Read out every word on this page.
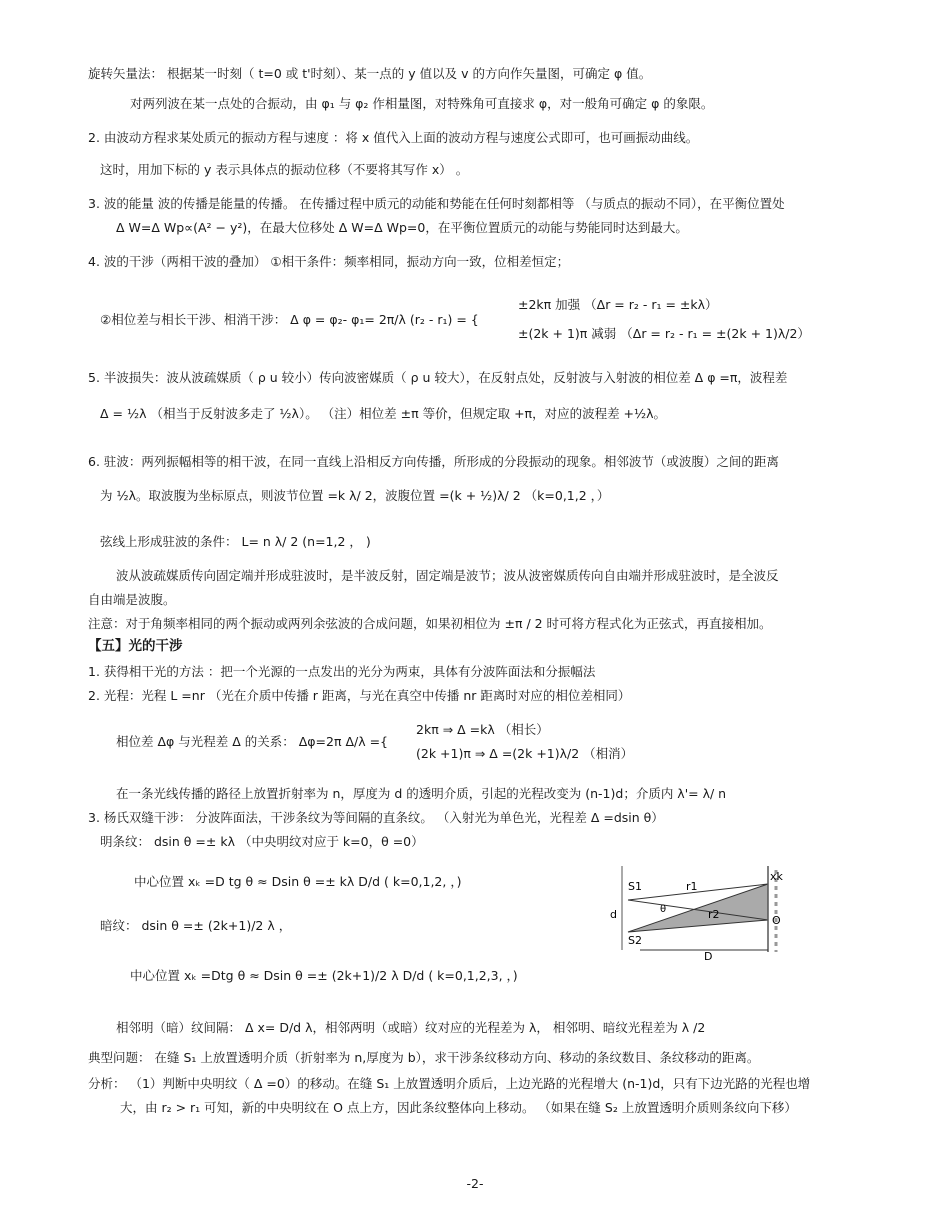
旋转矢量法： 根据某一时刻（ t=0 或 t'时刻）、某一点的 y 值以及 v 的方向作矢量图，可确定 φ 值。
对两列波在某一点处的合振动，由 φ₁ 与 φ₂ 作相量图，对特殊角可直接求 φ，对一般角可确定 φ 的象限。
2. 由波动方程求某处质元的振动方程与速度 ：将 x 值代入上面的波动方程与速度公式即可，也可画振动曲线。
这时，用加下标的 y 表示具体点的振动位移（不要将其写作 x） 。
3. 波的能量 波的传播是能量的传播。 在传播过程中质元的动能和势能在任何时刻都相等 （与质点的振动不同），在平衡位置处
Δ W=Δ Wp∝(A² − y²)，在最大位移处 Δ W=Δ Wp=0，在平衡位置质元的动能与势能同时达到最大。
4. 波的干涉（两相干波的叠加） ①相干条件：频率相同，振动方向一致，位相差恒定；
②相位差与相长干涉、相消干涉： Δ φ = φ₂- φ₁= 2π/λ (r₂ - r₁) = {
±2kπ 加强 （Δr = r₂ - r₁ = ±kλ）
±(2k + 1)π 减弱 （Δr = r₂ - r₁ = ±(2k + 1)λ/2）
5. 半波损失：波从波疏媒质（ ρ u 较小）传向波密媒质（ ρ u 较大），在反射点处，反射波与入射波的相位差 Δ φ =π，波程差
Δ = ½λ （相当于反射波多走了 ½λ）。 （注）相位差 ±π 等价，但规定取 +π，对应的波程差 +½λ。
6. 驻波：两列振幅相等的相干波，在同一直线上沿相反方向传播，所形成的分段振动的现象。相邻波节（或波腹）之间的距离
为 ½λ。取波腹为坐标原点，则波节位置 =k λ/ 2，波腹位置 =(k + ½)λ/ 2 （k=0,1,2 ，）
弦线上形成驻波的条件： L= n λ/ 2 (n=1,2 ， )
波从波疏媒质传向固定端并形成驻波时，是半波反射，固定端是波节；波从波密媒质传向自由端并形成驻波时，是全波反
自由端是波腹。
注意：对于角频率相同的两个振动或两列余弦波的合成问题，如果初相位为 ±π / 2 时可将方程式化为正弦式，再直接相加。
【五】光的干涉
1. 获得相干光的方法 ：把一个光源的一点发出的光分为两束，具体有分波阵面法和分振幅法
2. 光程：光程 L =nr （光在介质中传播 r 距离，与光在真空中传播 nr 距离时对应的相位差相同）
相位差 Δφ 与光程差 Δ 的关系： Δφ=2π Δ/λ ={
2kπ ⇒ Δ =kλ （相长）
(2k +1)π ⇒ Δ =(2k +1)λ/2 （相消）
在一条光线传播的路径上放置折射率为 n，厚度为 d 的透明介质，引起的光程改变为 (n-1)d；介质内 λ'= λ/ n
3. 杨氏双缝干涉： 分波阵面法，干涉条纹为等间隔的直条纹。 （入射光为单色光，光程差 Δ =dsin θ）
明条纹： dsin θ =± kλ （中央明纹对应于 k=0，θ =0）
中心位置 xₖ =D tg θ ≈ Dsin θ =± kλ D/d ( k=0,1,2, ，)
暗纹： dsin θ =± (2k+1)/2 λ ，
中心位置 xₖ =Dtg θ ≈ Dsin θ =± (2k+1)/2 λ D/d ( k=0,1,2,3, ，)
相邻明（暗）纹间隔： Δ x= D/d λ，相邻两明（或暗）纹对应的光程差为 λ， 相邻明、暗纹光程差为 λ /2
典型问题： 在缝 S₁ 上放置透明介质（折射率为 n,厚度为 b），求干涉条纹移动方向、移动的条纹数目、条纹移动的距离。
分析： （1）判断中央明纹（ Δ =0）的移动。在缝 S₁ 上放置透明介质后，上边光路的光程增大 (n-1)d，只有下边光路的光程也增
大，由 r₂ > r₁ 可知，新的中央明纹在 O 点上方，因此条纹整体向上移动。 （如果在缝 S₂ 上放置透明介质则条纹向下移）
S1
S2
r1
r2
d	θ
xk
O
D
-2-
